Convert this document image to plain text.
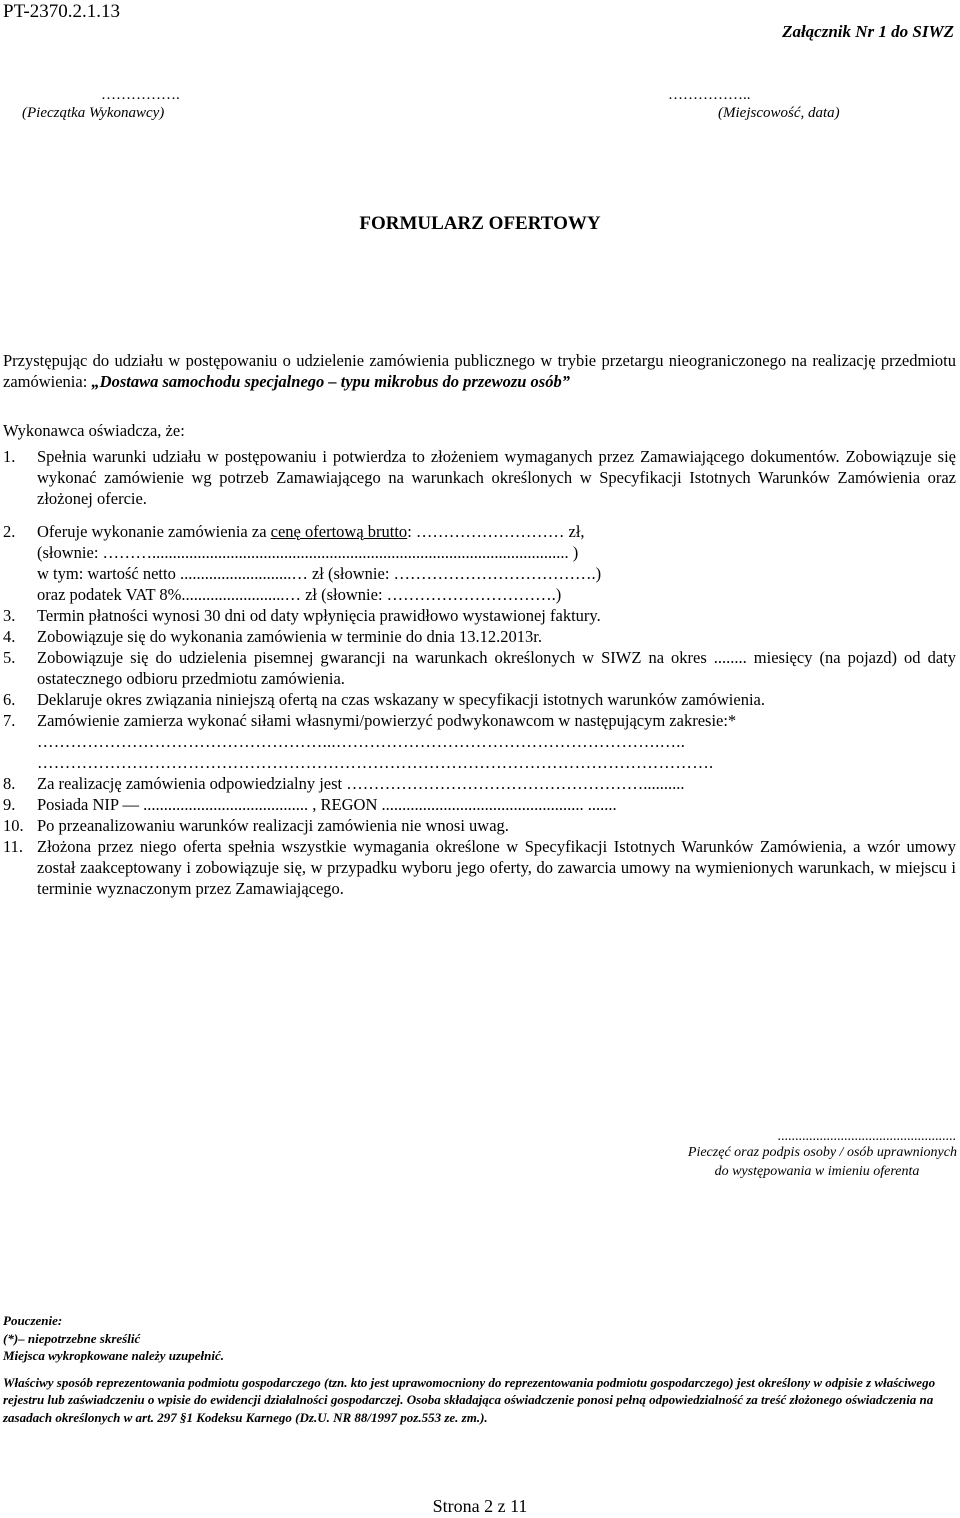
PT-2370.2.1.13
Załącznik Nr 1 do SIWZ
…………….
(Pieczątka Wykonawcy)
……………..
(Miejscowość, data)
FORMULARZ OFERTOWY
Przystępując do udziału w postępowaniu o udzielenie zamówienia publicznego w trybie przetargu nieograniczonego na realizację przedmiotu zamówienia: „Dostawa samochodu specjalnego – typu mikrobus do przewozu osób”
Wykonawca oświadcza, że:
1.	Spełnia warunki udziału w postępowaniu i potwierdza to złożeniem wymaganych przez Zamawiającego dokumentów. Zobowiązuje się wykonać zamówienie wg potrzeb Zamawiającego na warunkach określonych w Specyfikacji Istotnych Warunków Zamówienia oraz złożonej ofercie.
2.	Oferuje wykonanie zamówienia za cenę ofertową brutto: ……………………… zł,
(słownie: ………..................................................................................................... )
w tym: wartość netto ...........................… zł (słownie: ……………………………….)
oraz podatek VAT 8%.........................… zł (słownie: ………………………….)
3.	Termin płatności wynosi 30 dni od daty wpłynięcia prawidłowo wystawionej faktury.
4.	Zobowiązuje się do wykonania zamówienia w terminie do dnia 13.12.2013r.
5.	Zobowiązuje się do udzielenia pisemnej gwarancji na warunkach określonych w SIWZ na okres ........ miesięcy (na pojazd) od daty ostatecznego odbioru przedmiotu zamówienia.
6.	Deklaruje okres związania niniejszą ofertą na czas wskazany w specyfikacji istotnych warunków zamówienia.
7.	Zamówienie zamierza wykonać siłami własnymi/powierzyć podwykonawcom w następującym zakresie:*
……………………………………………...………………………………………………….…..
………………………………………………………………………………………………………….
8.	Za realizację zamówienia odpowiedzialny jest ………………………………………………..........
9.	Posiada NIP — ........................................ , REGON ................................................. .......
10. Po przeanalizowaniu warunków realizacji zamówienia nie wnosi uwag.
11. Złożona przez niego oferta spełnia wszystkie wymagania określone w Specyfikacji Istotnych Warunków Zamówienia, a wzór umowy został zaakceptowany i zobowiązuje się, w przypadku wyboru jego oferty, do zawarcia umowy na wymienionych warunkach, w miejscu i terminie wyznaczonym przez Zamawiającego.
...................................................
Pieczęć oraz podpis osoby / osób uprawnionych
do występowania w imieniu oferenta

Pouczenie:

(*)– niepotrzebne skreślić

Miejsca wykropkowane należy uzupełnić.

Właściwy sposób reprezentowania podmiotu gospodarczego (tzn. kto jest uprawomocniony do reprezentowania podmiotu gospodarczego) jest określony w odpisie z właściwego rejestru lub zaświadczeniu o wpisie do ewidencji działalności gospodarczej. Osoba składająca oświadczenie ponosi pełną odpowiedzialność za treść złożonego oświadczenia na zasadach określonych w art. 297 §1 Kodeksu Karnego (Dz.U. NR 88/1997 poz.553 ze. zm.).

Strona 2 z 11
